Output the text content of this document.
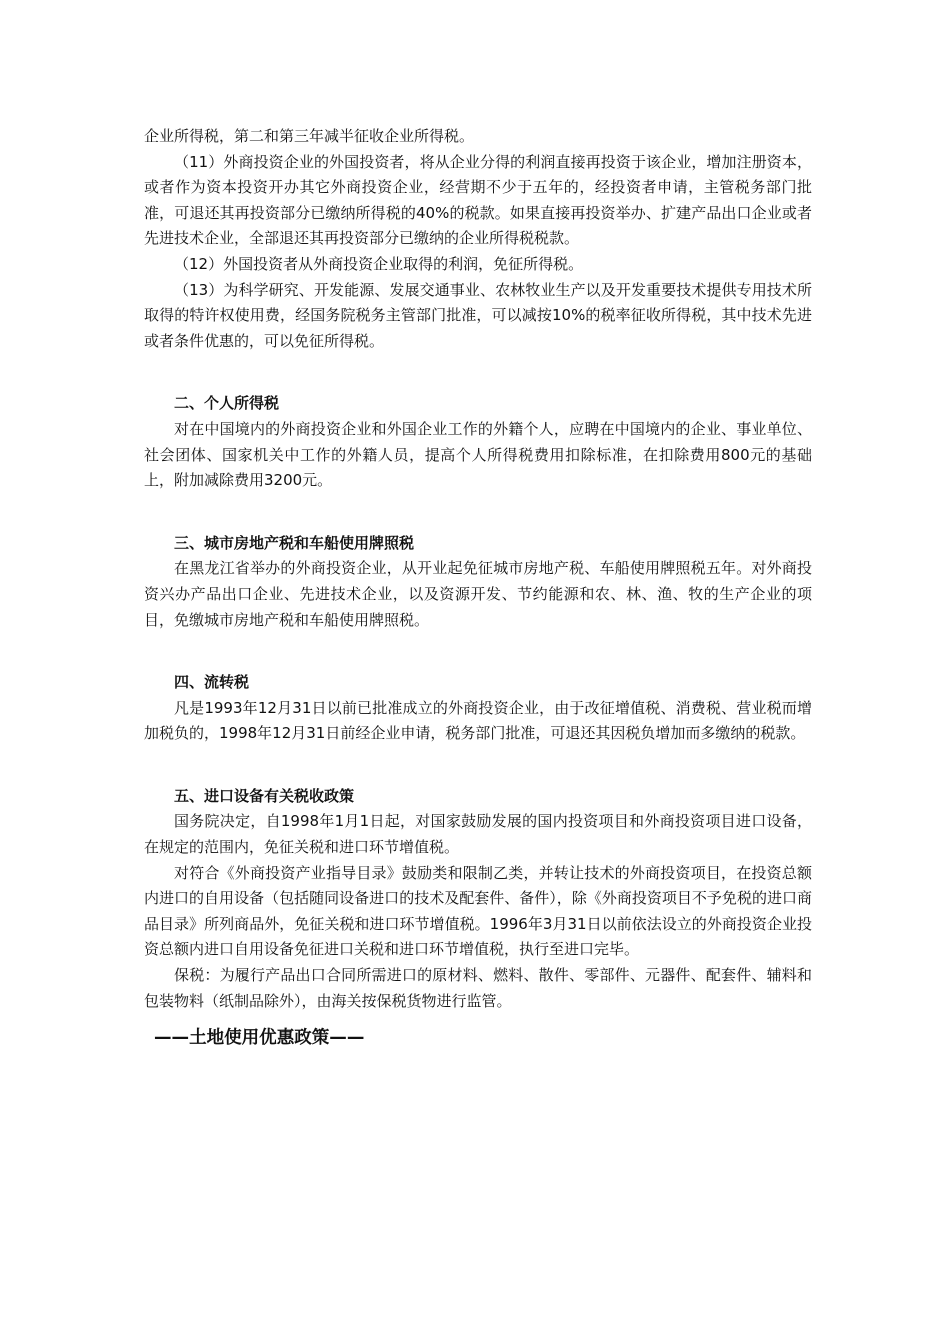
企业所得税，第二和第三年减半征收企业所得税。

（11）外商投资企业的外国投资者，将从企业分得的利润直接再投资于该企业，增加注册资本，或者作为资本投资开办其它外商投资企业，经营期不少于五年的，经投资者申请，主管税务部门批准，可退还其再投资部分已缴纳所得税的40%的税款。如果直接再投资举办、扩建产品出口企业或者先进技术企业，全部退还其再投资部分已缴纳的企业所得税税款。

（12）外国投资者从外商投资企业取得的利润，免征所得税。

（13）为科学研究、开发能源、发展交通事业、农林牧业生产以及开发重要技术提供专用技术所取得的特许权使用费，经国务院税务主管部门批准，可以减按10%的税率征收所得税，其中技术先进或者条件优惠的，可以免征所得税。

二、个人所得税

对在中国境内的外商投资企业和外国企业工作的外籍个人，应聘在中国境内的企业、事业单位、社会团体、国家机关中工作的外籍人员，提高个人所得税费用扣除标准，在扣除费用800元的基础上，附加减除费用3200元。

三、城市房地产税和车船使用牌照税

在黑龙江省举办的外商投资企业，从开业起免征城市房地产税、车船使用牌照税五年。对外商投资兴办产品出口企业、先进技术企业，以及资源开发、节约能源和农、林、渔、牧的生产企业的项目，免缴城市房地产税和车船使用牌照税。

四、流转税

凡是1993年12月31日以前已批准成立的外商投资企业，由于改征增值税、消费税、营业税而增加税负的，1998年12月31日前经企业申请，税务部门批准，可退还其因税负增加而多缴纳的税款。

五、进口设备有关税收政策

国务院决定，自1998年1月1日起，对国家鼓励发展的国内投资项目和外商投资项目进口设备，在规定的范围内，免征关税和进口环节增值税。

对符合《外商投资产业指导目录》鼓励类和限制乙类，并转让技术的外商投资项目，在投资总额内进口的自用设备（包括随同设备进口的技术及配套件、备件），除《外商投资项目不予免税的进口商品目录》所列商品外，免征关税和进口环节增值税。1996年3月31日以前依法设立的外商投资企业投资总额内进口自用设备免征进口关税和进口环节增值税，执行至进口完毕。

保税：为履行产品出口合同所需进口的原材料、燃料、散件、零部件、元器件、配套件、辅料和包装物料（纸制品除外），由海关按保税货物进行监管。

——土地使用优惠政策——
